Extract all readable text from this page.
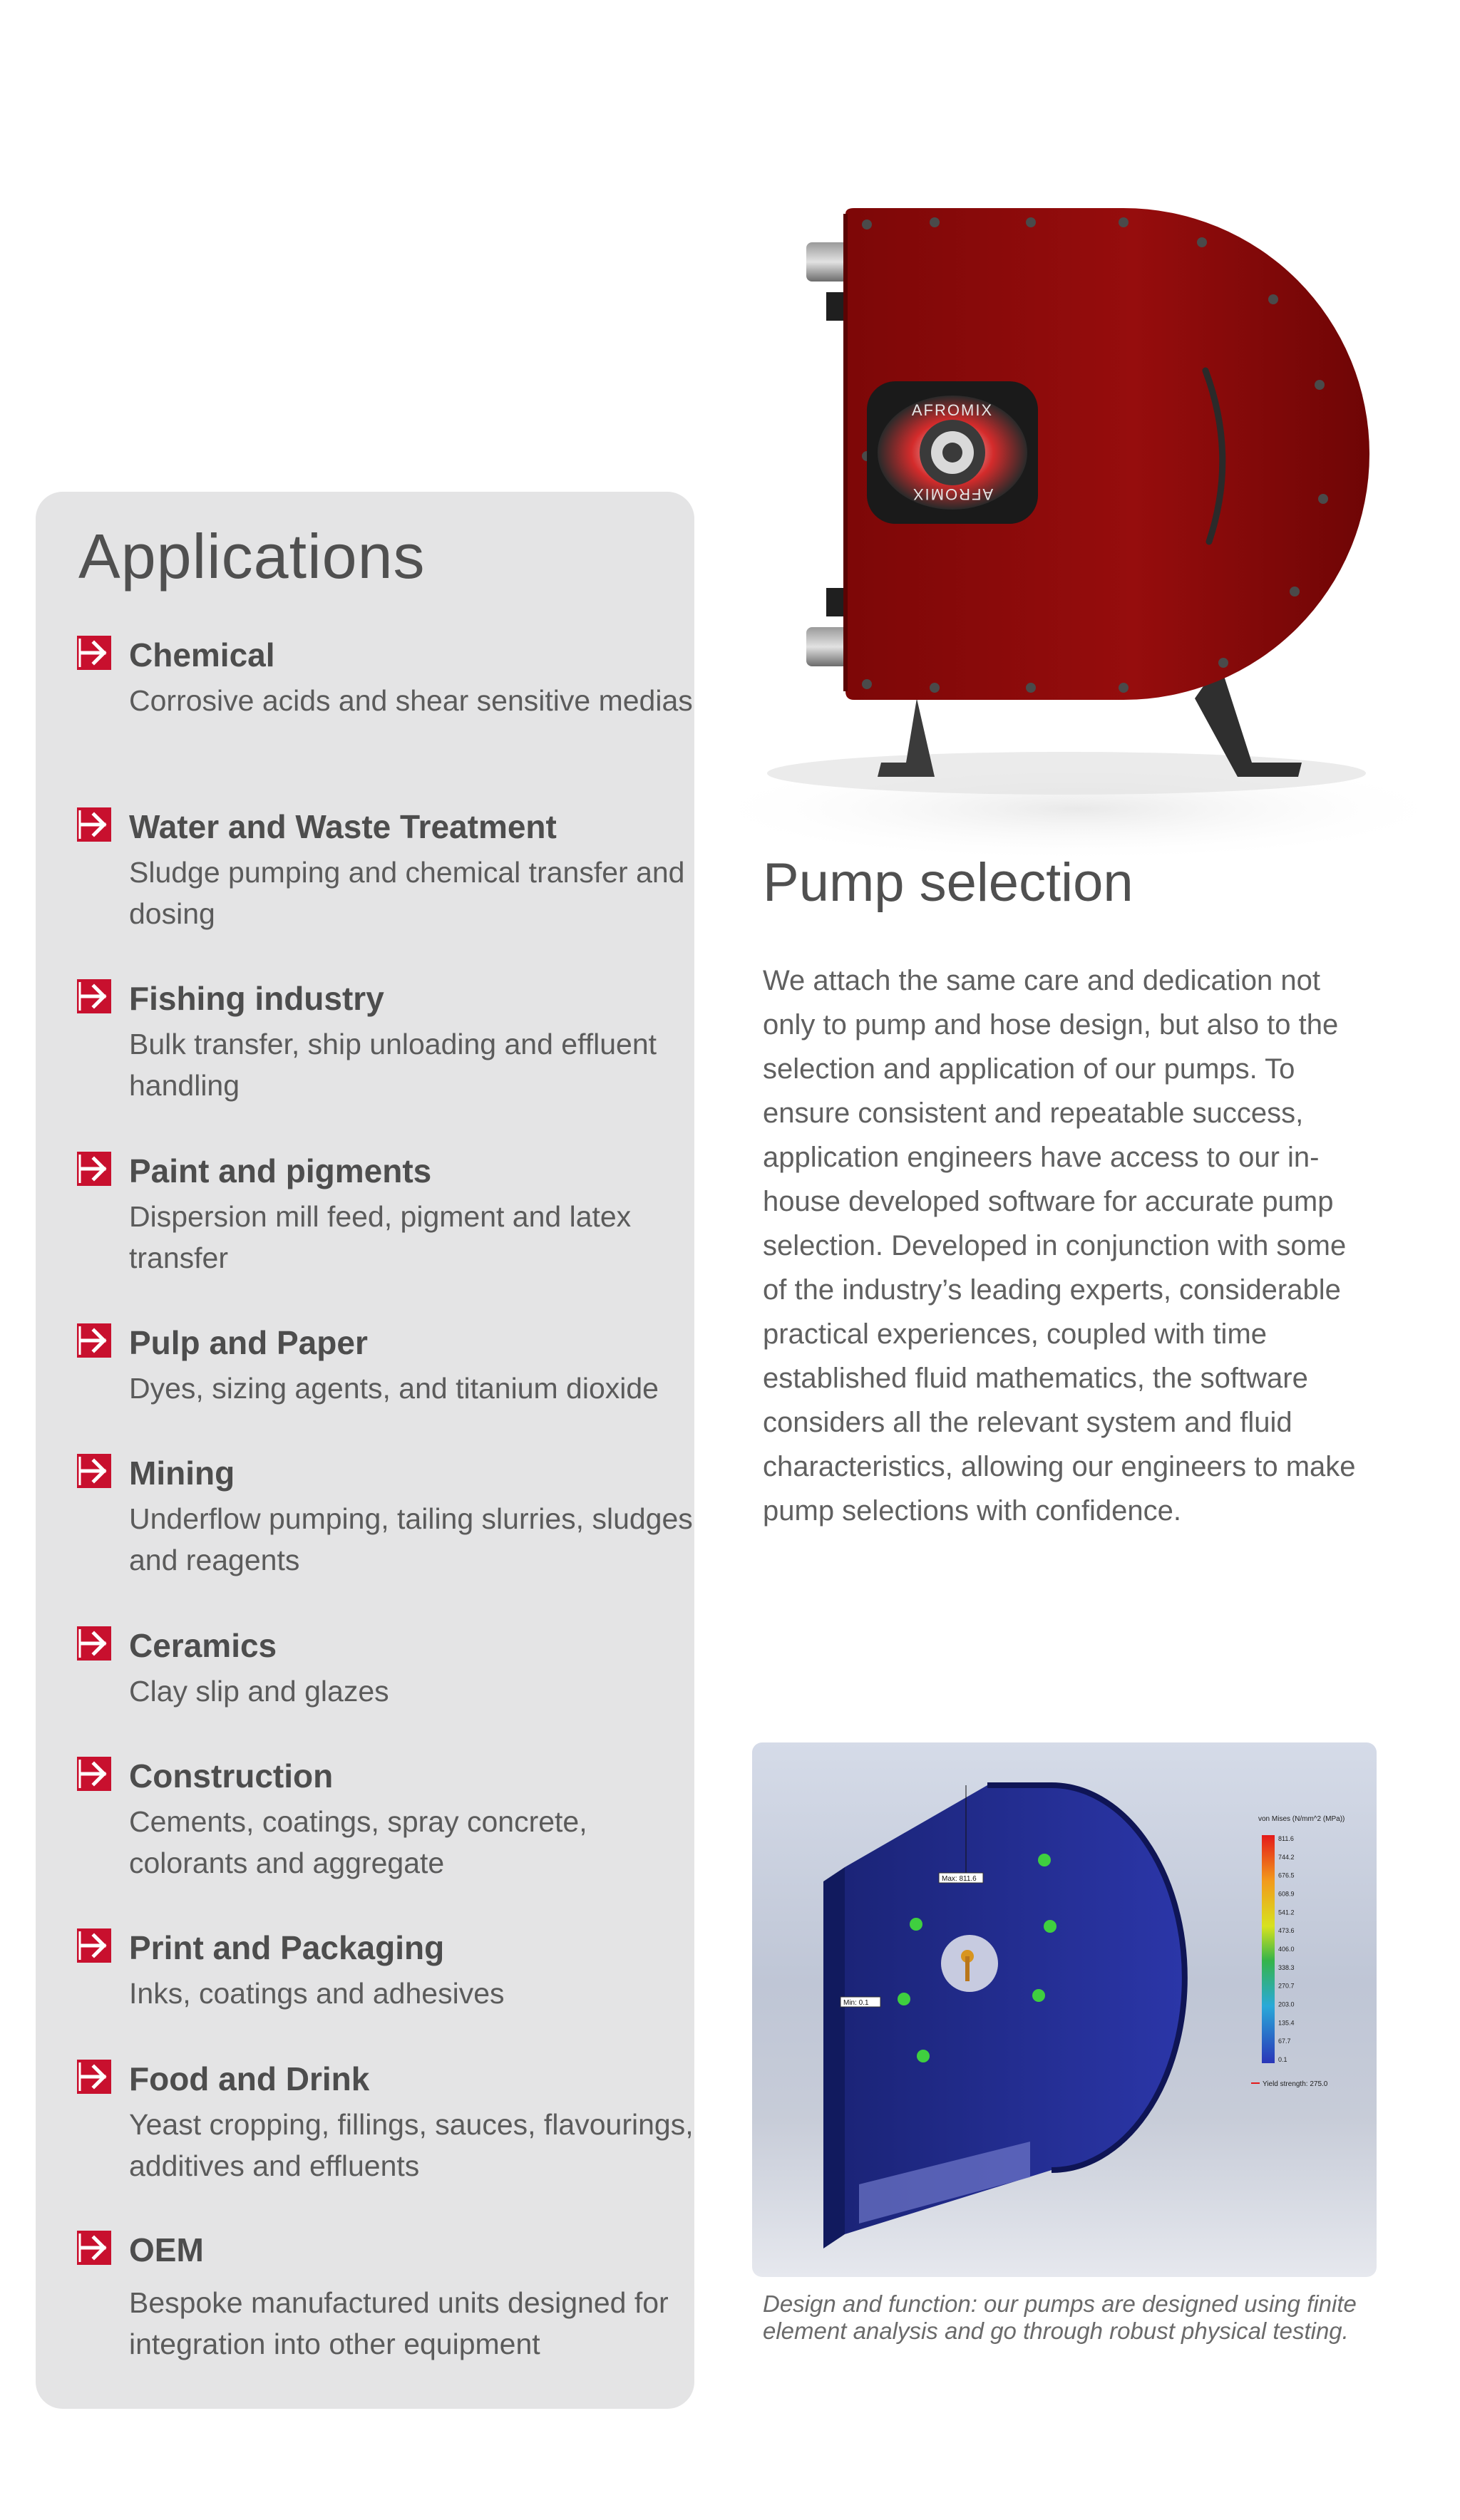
Applications
Chemical
Corrosive acids and shear sensitive medias
Water and Waste Treatment
Sludge pumping and chemical transfer and dosing
Fishing industry
Bulk transfer, ship unloading and effluent handling
Paint and pigments
Dispersion mill feed, pigment and latex transfer
Pulp and Paper
Dyes, sizing agents, and titanium dioxide
Mining
Underflow pumping, tailing slurries, sludges and reagents
Ceramics
Clay slip and glazes
Construction
Cements, coatings, spray concrete, colorants and aggregate
Print and Packaging
Inks, coatings and adhesives
Food and Drink
Yeast cropping, fillings, sauces, flavourings, additives and effluents
OEM
Bespoke manufactured units designed for integration into other equipment
AFROMIX
AFROMIX
Pump selection

We attach the same care and dedication not only to pump and hose design, but also to the selection and application of our pumps. To ensure consistent and repeatable success, application engineers have access to our in-house developed software for accurate pump selection. Developed in conjunction with some of the industry’s leading experts, considerable practical experiences, coupled with time established fluid mathematics, the software considers all the relevant system and fluid characteristics, allowing our engineers to make pump selections with confidence.

Max: 811.6
Min: 0.1
von Mises (N/mm^2 (MPa))
811.6
744.2
676.5
608.9
541.2
473.6
406.0
338.3
270.7
203.0
135.4
67.7
0.1
Yield strength: 275.0

Design and function: our pumps are designed using finite element analysis and go through robust physical testing.
